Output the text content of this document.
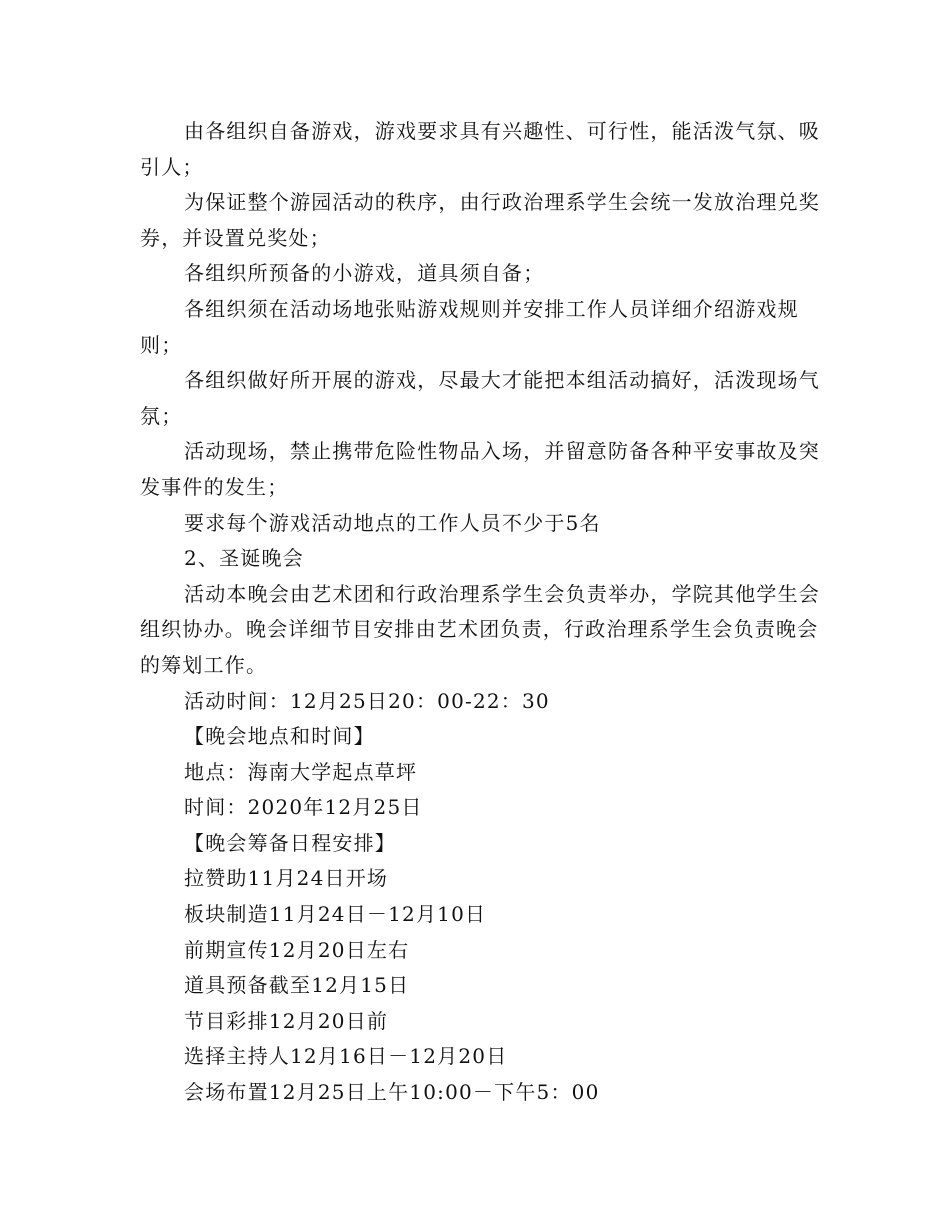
由各组织自备游戏，游戏要求具有兴趣性、可行性，能活泼气氛、吸引人；

为保证整个游园活动的秩序，由行政治理系学生会统一发放治理兑奖券，并设置兑奖处；

各组织所预备的小游戏，道具须自备；

各组织须在活动场地张贴游戏规则并安排工作人员详细介绍游戏规则；

各组织做好所开展的游戏，尽最大才能把本组活动搞好，活泼现场气氛；

活动现场，禁止携带危险性物品入场，并留意防备各种平安事故及突发事件的发生；

要求每个游戏活动地点的工作人员不少于5名

2、圣诞晚会

活动本晚会由艺术团和行政治理系学生会负责举办，学院其他学生会组织协办。晚会详细节目安排由艺术团负责，行政治理系学生会负责晚会的筹划工作。

活动时间：12月25日20：00-22：30

【晚会地点和时间】

地点：海南大学起点草坪

时间：2020年12月25日

【晚会筹备日程安排】

拉赞助11月24日开场

板块制造11月24日－12月10日

前期宣传12月20日左右

道具预备截至12月15日

节目彩排12月20日前

选择主持人12月16日－12月20日

会场布置12月25日上午10:00－下午5：00
